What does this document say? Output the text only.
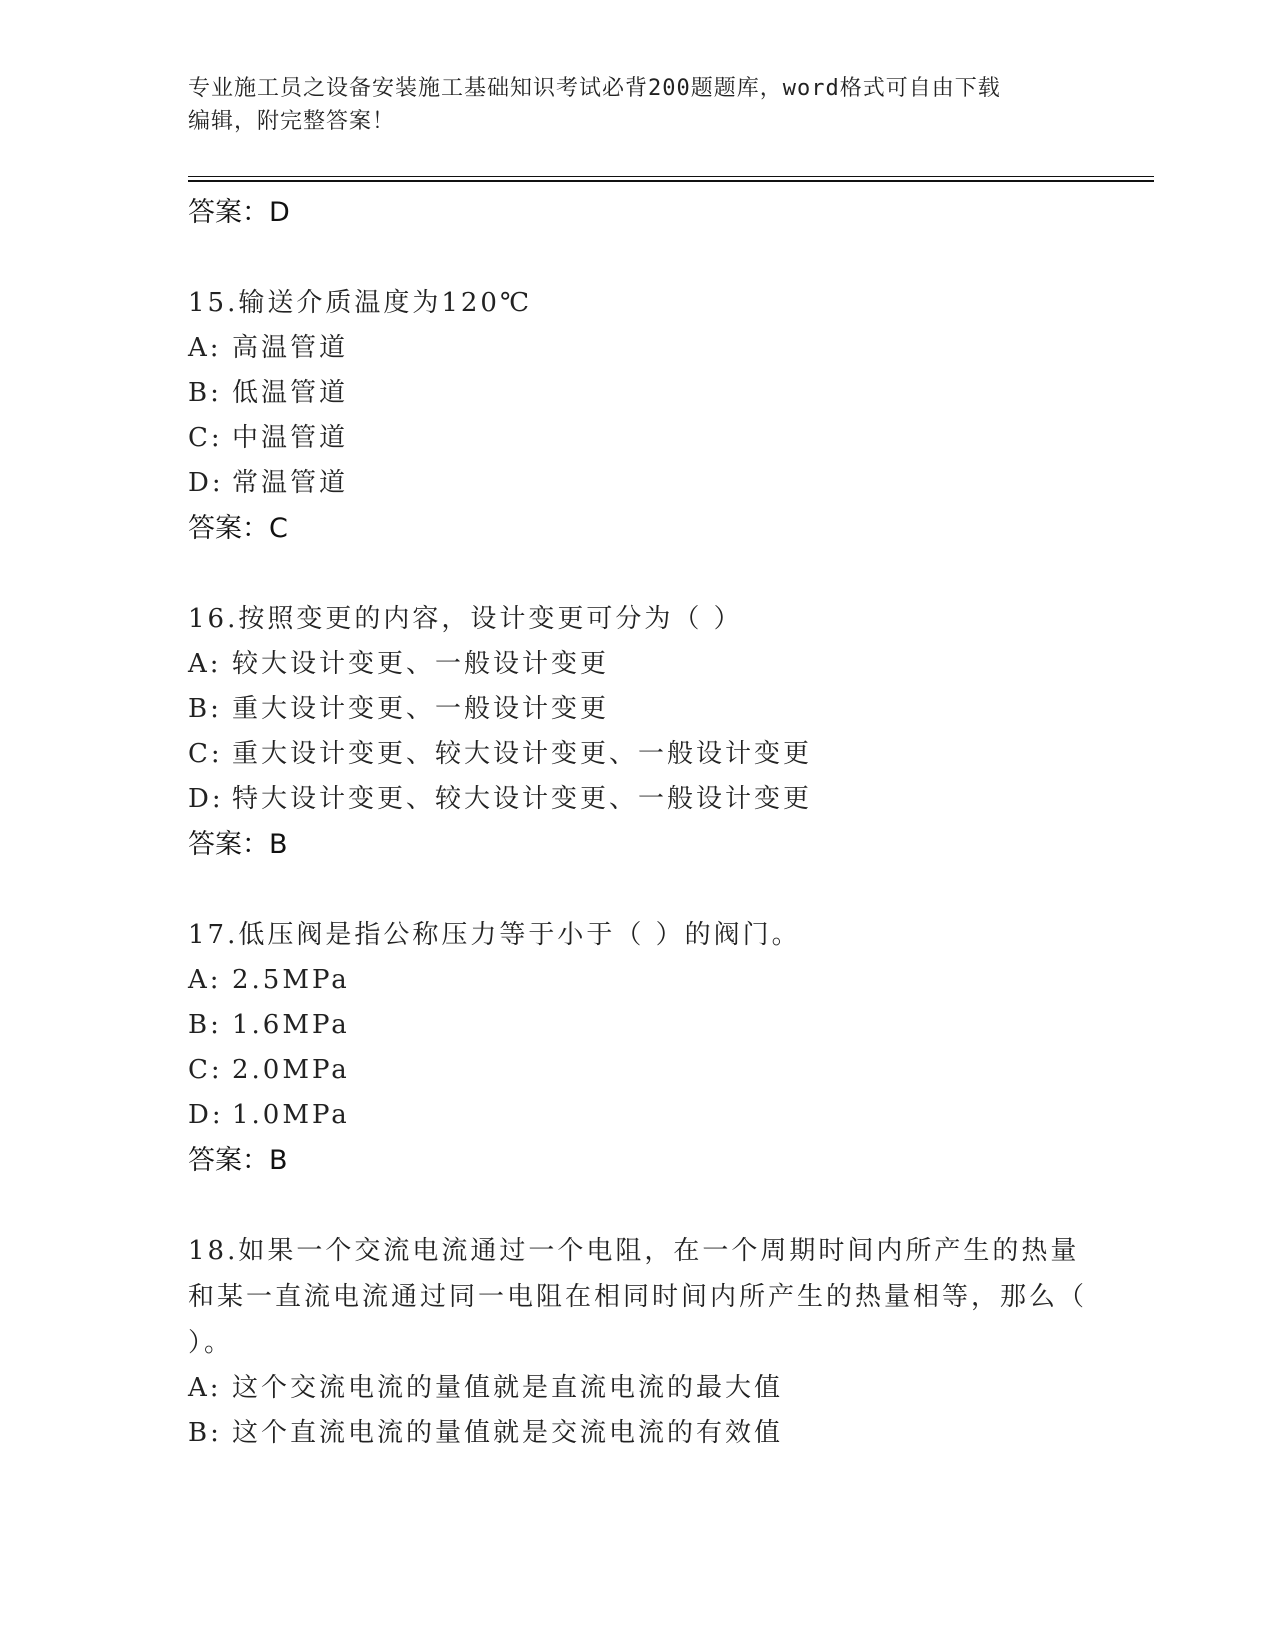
专业施工员之设备安装施工基础知识考试必背200题题库，word格式可自由下载
编辑，附完整答案！
答案：D
15.输送介质温度为120℃
A: 高温管道
B: 低温管道
C: 中温管道
D: 常温管道
答案：C
16.按照变更的内容，设计变更可分为（ ）
A: 较大设计变更、一般设计变更
B: 重大设计变更、一般设计变更
C: 重大设计变更、较大设计变更、一般设计变更
D: 特大设计变更、较大设计变更、一般设计变更
答案：B
17.低压阀是指公称压力等于小于（ ）的阀门。
A: 2.5MPa
B: 1.6MPa
C: 2.0MPa
D: 1.0MPa
答案：B
18.如果一个交流电流通过一个电阻，在一个周期时间内所产生的热量和某一直流电流通过同一电阻在相同时间内所产生的热量相等，那么（ ）。
A: 这个交流电流的量值就是直流电流的最大值
B: 这个直流电流的量值就是交流电流的有效值
